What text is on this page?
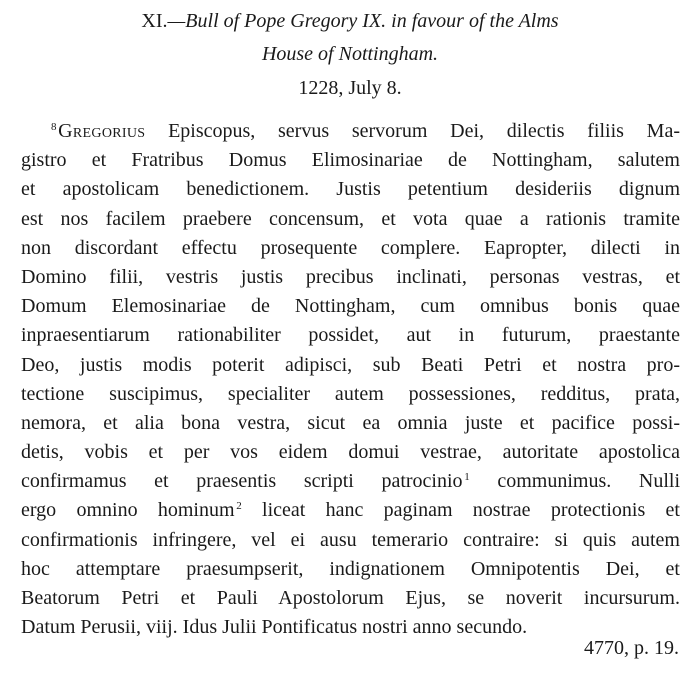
XI.—Bull of Pope Gregory IX. in favour of the Alms
House of Nottingham.
1228, July 8.
$^8$ Gregorius Episcopus, servus servorum Dei, dilectis filiis Ma-
gistro et Fratribus Domus Elimosinariae de Nottingham, salutem
et apostolicam benedictionem. Justis petentium desideriis dignum
est nos facilem praebere concensum, et vota quae a rationis tramite
non discordant effectu prosequente complere. Eapropter, dilecti in
Domino filii, vestris justis precibus inclinati, personas vestras, et
Domum Elemosinariae de Nottingham, cum omnibus bonis quae
inpraesentiarum rationabiliter possidet, aut in futurum, praestante
Deo, justis modis poterit adipisci, sub Beati Petri et nostra pro-
tectione suscipimus, specialiter autem possessiones, redditus, prata,
nemora, et alia bona vestra, sicut ea omnia juste et pacifice possi-
detis, vobis et per vos eidem domui vestrae, autoritate apostolica
confirmamus et praesentis scripti patrocinio  $^1$ communimus. Nulli
ergo omnino hominum  $^2$ liceat hanc paginam nostrae protectionis et
confirmationis infringere, vel ei ausu temerario contraire: si quis autem
hoc attemptare praesumpserit, indignationem Omnipotentis Dei, et
Beatorum Petri et Pauli Apostolorum Ejus, se noverit incursurum.
Datum Perusii, viij. Idus Julii Pontificatus nostri anno secundo.
4770, p. 19.
